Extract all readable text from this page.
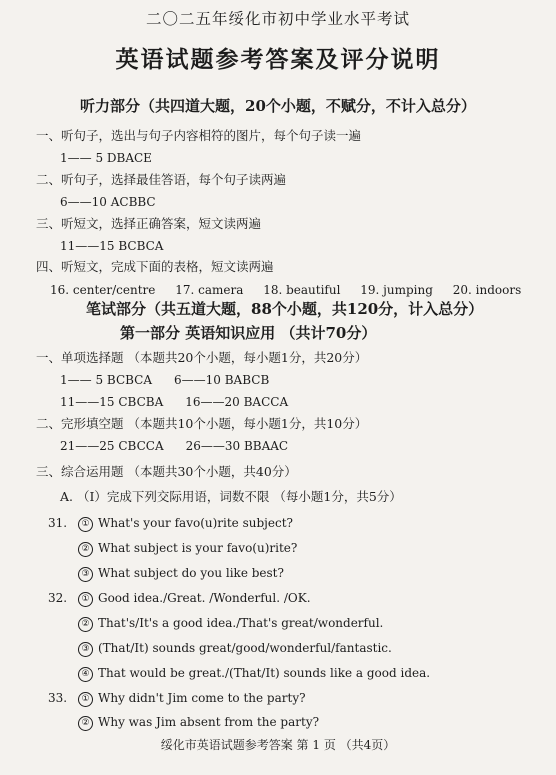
二〇二五年绥化市初中学业水平考试
英语试题参考答案及评分说明
听力部分（共四道大题，20个小题，不赋分，不计入总分）
一、听句子，选出与句子内容相符的图片，每个句子读一遍
1—— 5 DBACE
二、听句子，选择最佳答语，每个句子读两遍
6——10 ACBBC
三、听短文，选择正确答案，短文读两遍
11——15 BCBCA
四、听短文，完成下面的表格，短文读两遍
16. center/centre 17. camera 18. beautiful 19. jumping 20. indoors
笔试部分（共五道大题，88个小题，共120分，计入总分）
第一部分 英语知识应用 （共计70分）
一、单项选择题 （本题共20个小题，每小题1分，共20分）
1—— 5 BCBCA 6——10 BABCB
11——15 CBCBA 16——20 BACCA
二、完形填空题 （本题共10个小题，每小题1分，共10分）
21——25 CBCCA 26——30 BBAAC
三、综合运用题 （本题共30个小题，共40分）
A. （Ⅰ）完成下列交际用语，词数不限 （每小题1分，共5分）
31.	① What's your favo(u)rite subject?
② What subject is your favo(u)rite?
③ What subject do you like best?
32.	① Good idea./Great. /Wonderful. /OK.
② That's/It's a good idea./That's great/wonderful.
③ (That/It) sounds great/good/wonderful/fantastic.
④ That would be great./(That/It) sounds like a good idea.
33.	① Why didn't Jim come to the party?
② Why was Jim absent from the party?
绥化市英语试题参考答案 第 1 页 （共4页）
